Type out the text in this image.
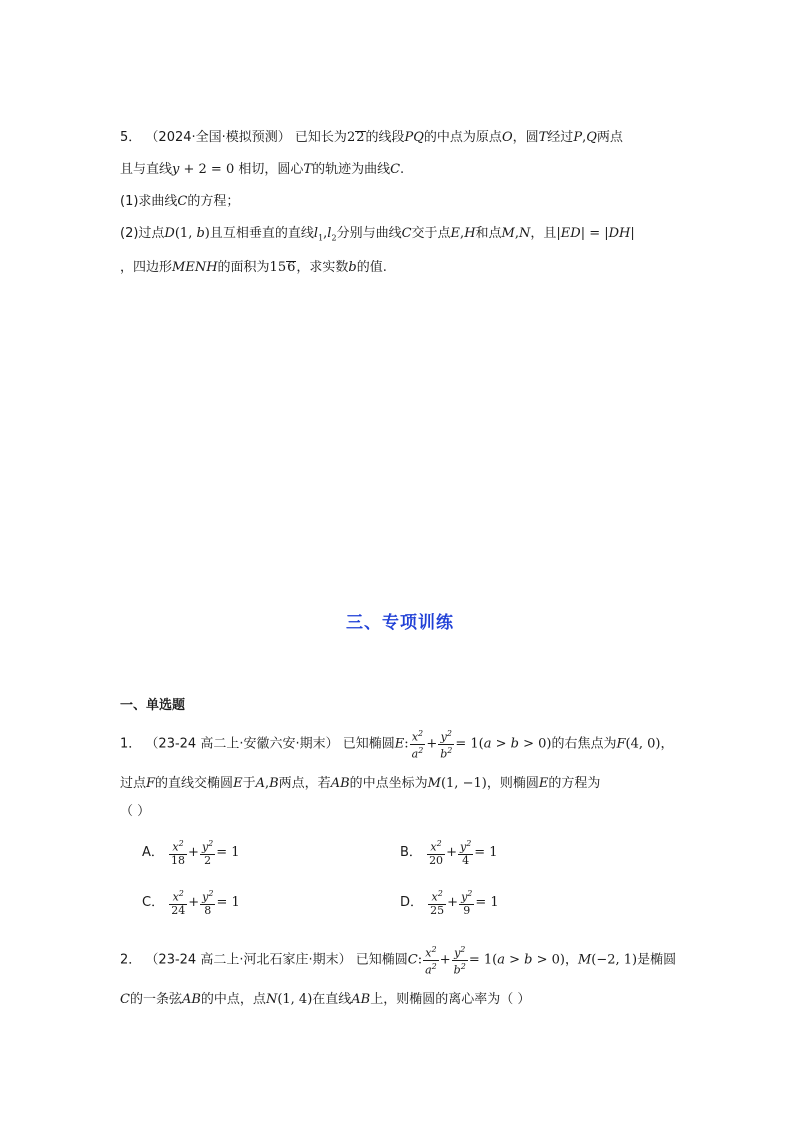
5． （2024·全国·模拟预测） 已知长为22的线段PQ的中点为原点O，圆T经过P,Q两点
且与直线y + 2 = 0 相切，圆心T的轨迹为曲线C.
(1)求曲线C的方程；
(2)过点D(1, b)且互相垂直的直线$l_1,l_2$分别与曲线C交于点E,H和点M,N，且|ED| = |DH|
，四边形MENH的面积为156，求实数b的值.
三、专项训练
一、单选题
1． （23-24 高二上·安徽六安·期末） 已知椭圆E: $\frac{x^2}{a^2} + \frac{y^2}{b^2} = 1(a > b > 0)$的右焦点为F(4, 0)，
过点F的直线交椭圆E于A,B两点，若AB的中点坐标为M(1, −1)，则椭圆E的方程为
（ ）
A． $\frac{x^2}{18} + \frac{y^2}{2} = 1$	B． $\frac{x^2}{20} + \frac{y^2}{4} = 1$
C． $\frac{x^2}{24} + \frac{y^2}{8} = 1$	D． $\frac{x^2}{25} + \frac{y^2}{9} = 1$
2． （23-24 高二上·河北石家庄·期末） 已知椭圆C: $\frac{x^2}{a^2} + \frac{y^2}{b^2} = 1(a > b > 0)$，M(−2, 1)是椭圆
C的一条弦AB的中点，点N(1, 4)在直线AB上，则椭圆的离心率为（ ）
